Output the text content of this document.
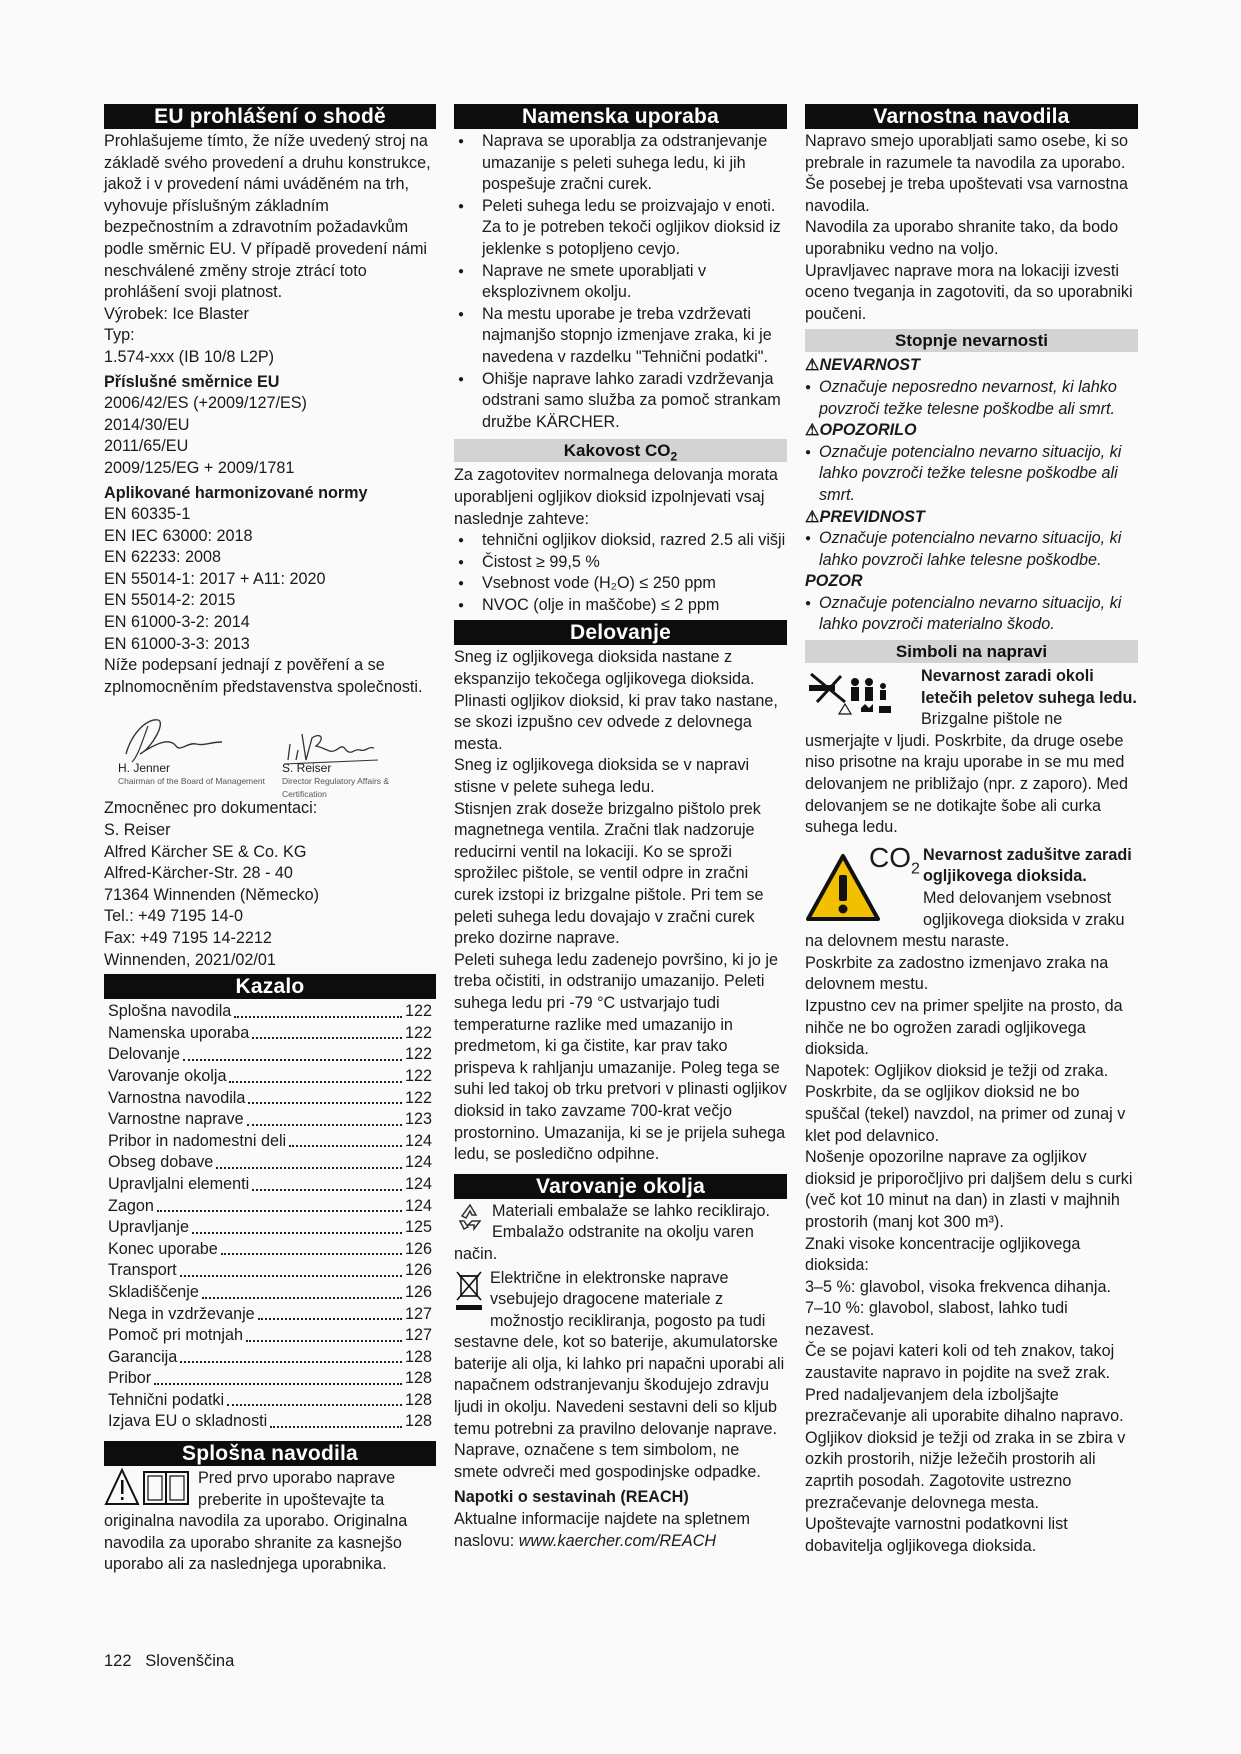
EU prohlášení o shodě

Prohlašujeme tímto, že níže uvedený stroj na základě svého provedení a druhu konstrukce, jakož i v provedení námi uváděném na trh, vyhovuje příslušným základním bezpečnostním a zdravotním požadavkům podle směrnic EU. V případě provedení námi neschválené změny stroje ztrácí toto prohlášení svoji platnost.

Výrobek: Ice Blaster

Typ:

1.574-xxx (IB 10/8 L2P)

Příslušné směrnice EU

2006/42/ES (+2009/127/ES)

2014/30/EU

2011/65/EU

2009/125/EG + 2009/1781

Aplikované harmonizované normy

EN 60335-1

EN IEC 63000: 2018

EN 62233: 2008

EN 55014-1: 2017 + A11: 2020

EN 55014-2: 2015

EN 61000-3-2: 2014

EN 61000-3-3: 2013

Níže podepsaní jednají z pověření a se zplnomocněním představenstva společnosti.

H. Jenner
Chairman of the Board of Management
S. Reiser
Director Regulatory Affairs & Certification

Zmocněnec pro dokumentaci:

S. Reiser

Alfred Kärcher SE & Co. KG

Alfred-Kärcher-Str. 28 - 40

71364 Winnenden (Německo)

Tel.: +49 7195 14-0

Fax: +49 7195 14-2212

Winnenden, 2021/02/01

Kazalo
Splošna navodila	122
Namenska uporaba	122
Delovanje	122
Varovanje okolja	122
Varnostna navodila	122
Varnostne naprave	123
Pribor in nadomestni deli	124
Obseg dobave	124
Upravljalni elementi	124
Zagon	124
Upravljanje	125
Konec uporabe	126
Transport	126
Skladiščenje	126
Nega in vzdrževanje	127
Pomoč pri motnjah	127
Garancija	128
Pribor	128
Tehnični podatki	128
Izjava EU o skladnosti	128
Splošna navodila

Pred prvo uporabo naprave preberite in upoštevajte ta originalna navodila za uporabo. Originalna navodila za uporabo shranite za kasnejšo uporabo ali za naslednjega uporabnika.

Namenska uporaba
● Naprava se uporablja za odstranjevanje umazanije s peleti suhega ledu, ki jih pospešuje zračni curek.
● Peleti suhega ledu se proizvajajo v enoti. Za to je potreben tekoči ogljikov dioksid iz jeklenke s potopljeno cevjo.
● Naprave ne smete uporabljati v eksplozivnem okolju.
● Na mestu uporabe je treba vzdrževati najmanjšo stopnjo izmenjave zraka, ki je navedena v razdelku "Tehnični podatki".
● Ohišje naprave lahko zaradi vzdrževanja odstrani samo služba za pomoč strankam družbe KÄRCHER.
Kakovost $CO_2$

Za zagotovitev normalnega delovanja morata uporabljeni ogljikov dioksid izpolnjevati vsaj naslednje zahteve:

● tehnični ogljikov dioksid, razred 2.5 ali višji
● Čistost ≥ 99,5 %
● Vsebnost vode (H₂O) ≤ 250 ppm
● NVOC (olje in maščobe) ≤ 2 ppm
Delovanje

Sneg iz ogljikovega dioksida nastane z ekspanzijo tekočega ogljikovega dioksida. Plinasti ogljikov dioksid, ki prav tako nastane, se skozi izpušno cev odvede z delovnega mesta.

Sneg iz ogljikovega dioksida se v napravi stisne v pelete suhega ledu.

Stisnjen zrak doseže brizgalno pištolo prek magnetnega ventila. Zračni tlak nadzoruje reducirni ventil na lokaciji. Ko se sproži sprožilec pištole, se ventil odpre in zračni curek izstopi iz brizgalne pištole. Pri tem se peleti suhega ledu dovajajo v zračni curek preko dozirne naprave.

Peleti suhega ledu zadenejo površino, ki jo je treba očistiti, in odstranijo umazanijo. Peleti suhega ledu pri -79 °C ustvarjajo tudi temperaturne razlike med umazanijo in predmetom, ki ga čistite, kar prav tako prispeva k rahljanju umazanije. Poleg tega se suhi led takoj ob trku pretvori v plinasti ogljikov dioksid in tako zavzame 700-krat večjo prostornino. Umazanija, ki se je prijela suhega ledu, se posledično odpihne.

Varovanje okolja

Materiali embalaže se lahko reciklirajo. Embalažo odstranite na okolju varen način.

Električne in elektronske naprave vsebujejo dragocene materiale z možnostjo recikliranja, pogosto pa tudi sestavne dele, kot so baterije, akumulatorske baterije ali olja, ki lahko pri napačni uporabi ali napačnem odstranjevanju škodujejo zdravju ljudi in okolju. Navedeni sestavni deli so kljub temu potrebni za pravilno delovanje naprave. Naprave, označene s tem simbolom, ne smete odvreči med gospodinjske odpadke.

Napotki o sestavinah (REACH)

Aktualne informacije najdete na spletnem naslovu: www.kaercher.com/REACH

Varnostna navodila

Napravo smejo uporabljati samo osebe, ki so prebrale in razumele ta navodila za uporabo. Še posebej je treba upoštevati vsa varnostna navodila.

Navodila za uporabo shranite tako, da bodo uporabniku vedno na voljo.

Upravljavec naprave mora na lokaciji izvesti oceno tveganja in zagotoviti, da so uporabniki poučeni.

Stopnje nevarnosti

⚠NEVARNOST

● Označuje neposredno nevarnost, ki lahko povzroči težke telesne poškodbe ali smrt.

⚠OPOZORILO

● Označuje potencialno nevarno situacijo, ki lahko povzroči težke telesne poškodbe ali smrt.

⚠PREVIDNOST

● Označuje potencialno nevarno situacijo, ki lahko povzroči lahke telesne poškodbe.

POZOR

● Označuje potencialno nevarno situacijo, ki lahko povzroči materialno škodo.

Simboli na napravi

Nevarnost zaradi okoli letečih peletov suhega ledu.

Brizgalne pištole ne usmerjajte v ljudi. Poskrbite, da druge osebe niso prisotne na kraju uporabe in se mu med delovanjem ne približajo (npr. z zaporo). Med delovanjem se ne dotikajte šobe ali curka suhega ledu.

$CO_2$

Nevarnost zadušitve zaradi ogljikovega dioksida.

Med delovanjem vsebnost ogljikovega dioksida v zraku na delovnem mestu naraste.

Poskrbite za zadostno izmenjavo zraka na delovnem mestu.

Izpustno cev na primer speljite na prosto, da nihče ne bo ogrožen zaradi ogljikovega dioksida.

Napotek: Ogljikov dioksid je težji od zraka. Poskrbite, da se ogljikov dioksid ne bo spuščal (tekel) navzdol, na primer od zunaj v klet pod delavnico.

Nošenje opozorilne naprave za ogljikov dioksid je priporočljivo pri daljšem delu s curki (več kot 10 minut na dan) in zlasti v majhnih prostorih (manj kot 300 m³).

Znaki visoke koncentracije ogljikovega dioksida:

3–5 %: glavobol, visoka frekvenca dihanja.

7–10 %: glavobol, slabost, lahko tudi nezavest.

Če se pojavi kateri koli od teh znakov, takoj zaustavite napravo in pojdite na svež zrak.

Pred nadaljevanjem dela izboljšajte prezračevanje ali uporabite dihalno napravo.

Ogljikov dioksid je težji od zraka in se zbira v ozkih prostorih, nižje ležečih prostorih ali zaprtih posodah. Zagotovite ustrezno prezračevanje delovnega mesta.

Upoštevajte varnostni podatkovni list dobavitelja ogljikovega dioksida.

122 Slovenščina
